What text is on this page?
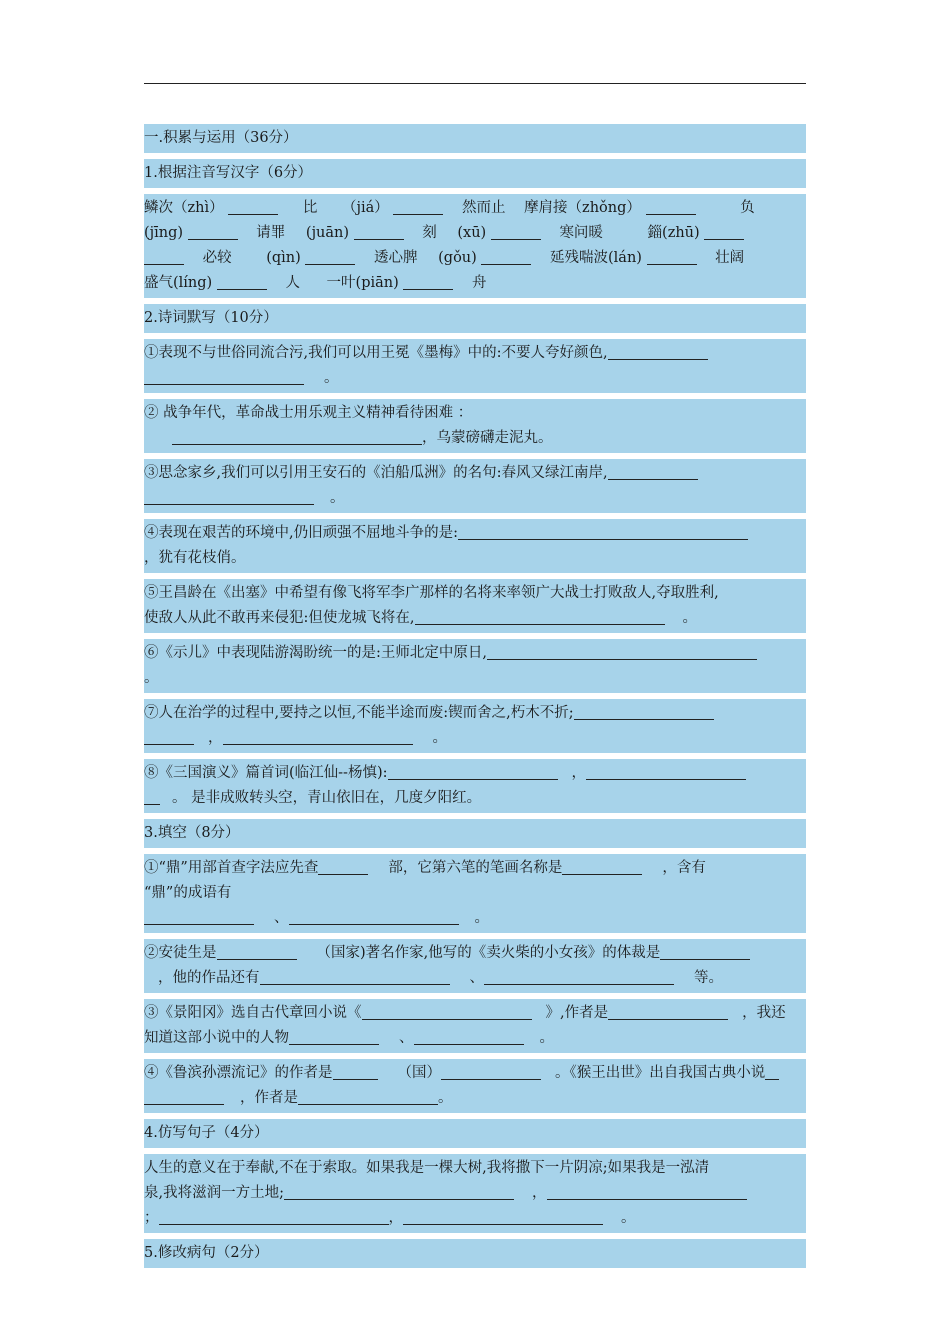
一.积累与运用（36分）
1.根据注音写汉字（6分）
鳞次（zhì）	比 （jiá）	然而止 摩肩接（zhǒng）	负
(jīng)	请罪 (juān)	刻 (xū)	寒问暖	錙(zhū)
必较 (qìn)	透心脾 (gǒu)	延残喘波(lán)	壮阔
盛气(líng)	人 一叶(piān)	舟
2.诗词默写（10分）
①表现不与世俗同流合污,我们可以用王冕《墨梅》中的:不要人夸好颜色,
。
② 战争年代，革命战士用乐观主义精神看待困难 ：
，乌蒙磅礴走泥丸。
③思念家乡,我们可以引用王安石的《泊船瓜洲》的名句:春风又绿江南岸,
。
④表现在艰苦的环境中,仍旧顽强不屈地斗争的是:
，犹有花枝俏。
⑤王昌龄在《出塞》中希望有像飞将军李广那样的名将来率领广大战士打败敌人,夺取胜利,
使敌人从此不敢再来侵犯:但使龙城飞将在,	。
⑥《示儿》中表现陆游渴盼统一的是:王师北定中原日,
。
⑦人在治学的过程中,要持之以恒,不能半途而废:锲而舍之,朽木不折;
，	。
⑧《三国演义》篇首词(临江仙--杨慎):	，
。 是非成败转头空，青山依旧在，几度夕阳红。
3.填空（8分）
①“鼎”用部首查字法应先查	部，它第六笔的笔画名称是	，含有
“鼎”的成语有
、	。
②安徒生是	（国家)著名作家,他写的《卖火柴的小女孩》的体裁是
，他的作品还有	、	等。
③《景阳冈》选自古代章回小说《	》,作者是	，我还
知道这部小说中的人物	、	。
④《鲁滨孙漂流记》的作者是	（国）	。《猴王出世》出自我国古典小说
，作者是	。
4.仿写句子（4分）
人生的意义在于奉献,不在于索取。如果我是一棵大树,我将撒下一片阴凉;如果我是一泓清
泉,我将滋润一方土地;	，
；	，	。
5.修改病句（2分）
